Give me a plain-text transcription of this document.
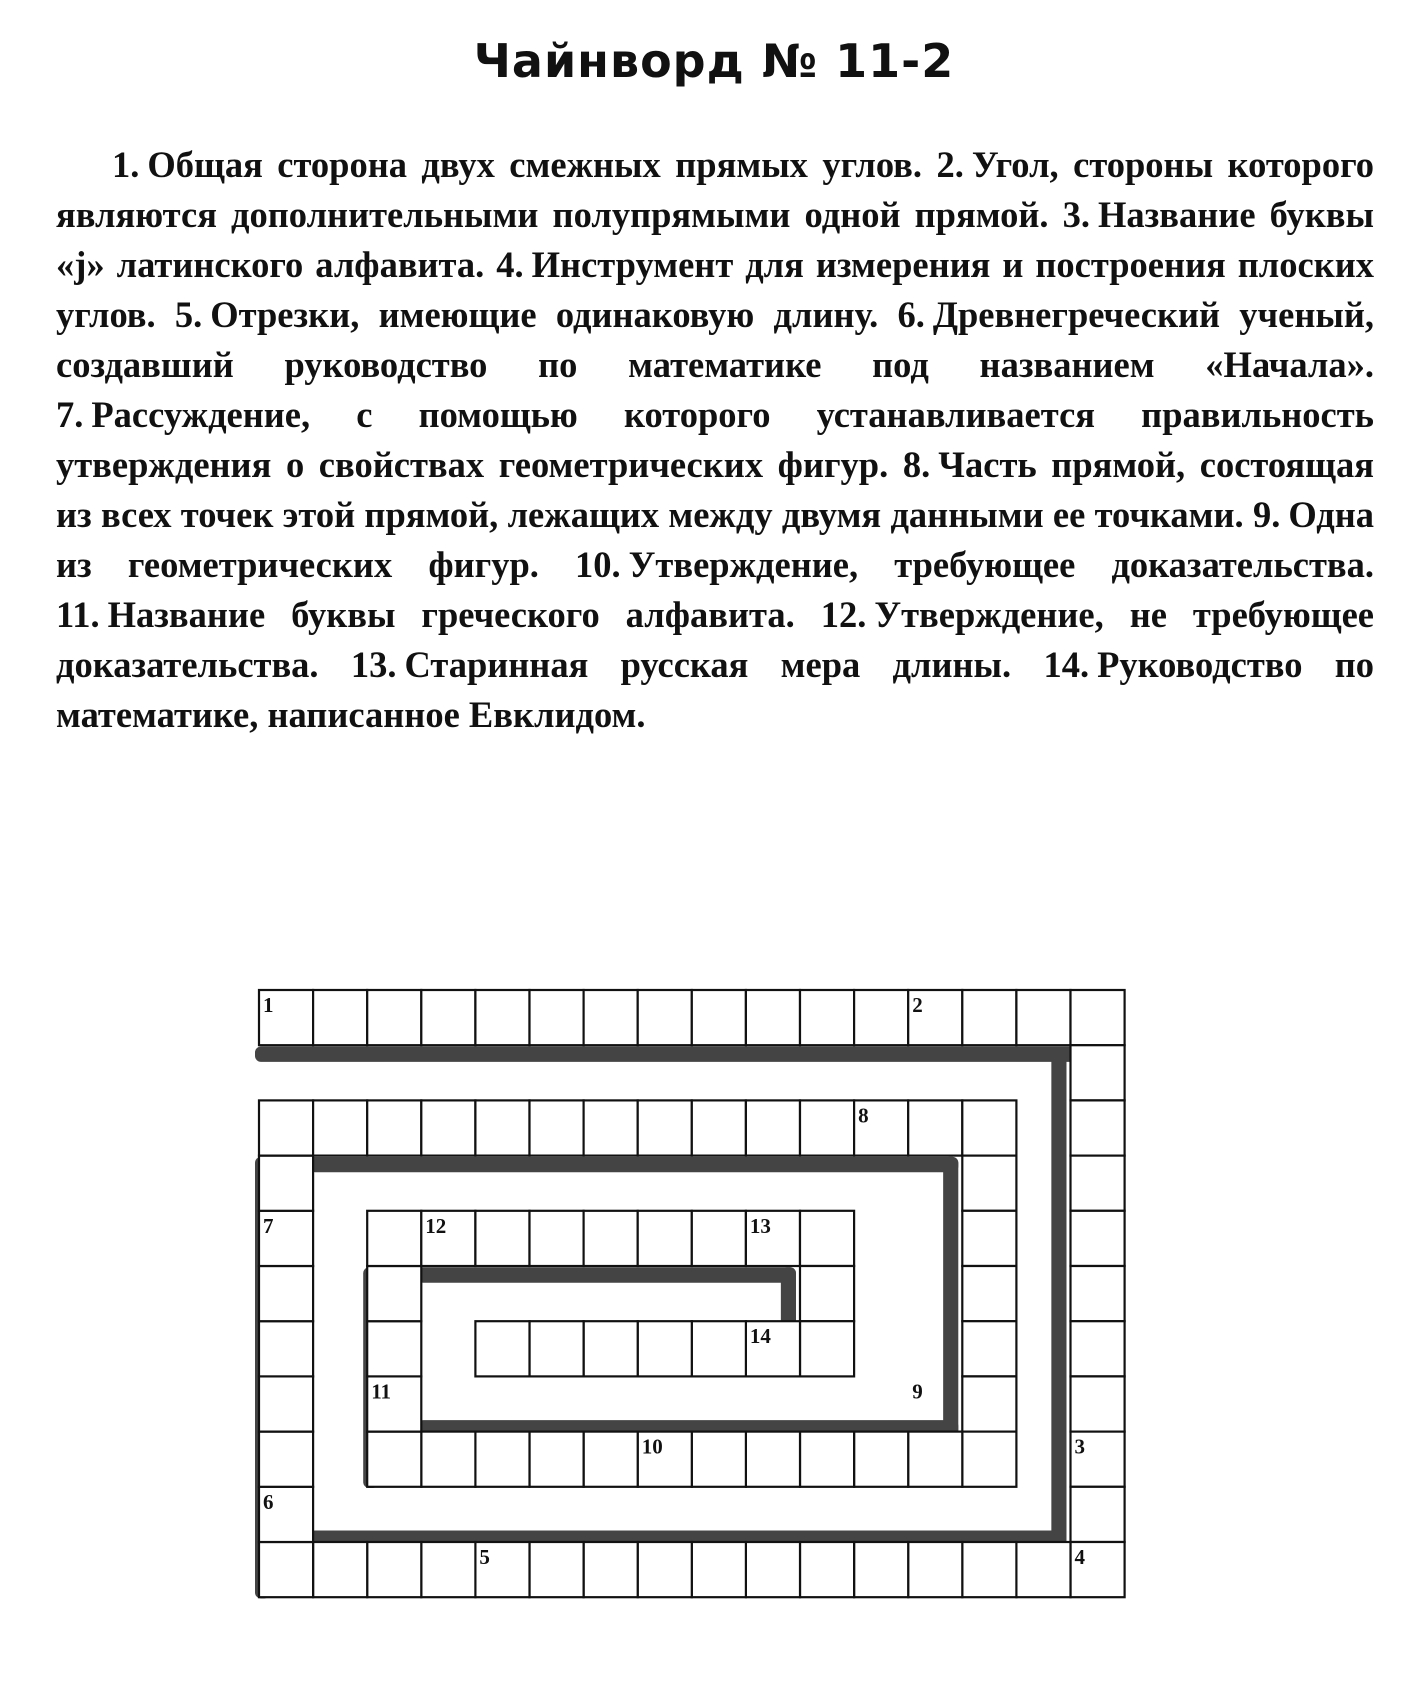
Чайнворд № 11-2

1. Общая сторона двух смежных прямых углов. 2. Угол, стороны которого являются дополнительными полупрямыми одной прямой. 3. Название буквы «j» латинского алфавита. 4. Инструмент для измерения и построения плоских углов. 5. Отрезки, имеющие одинаковую длину. 6. Древнегреческий ученый, создавший руководство по математике под названием «Начала». 7. Рассуждение, с помощью которого устанавливается правильность утверждения о свойствах геометрических фигур. 8. Часть прямой, состоящая из всех точек этой прямой, лежащих между двумя данными ее точками. 9. Одна из геометрических фигур. 10. Утверждение, требующее доказательства. 11. Название буквы греческого алфавита. 12. Утверждение, не требующее доказательства. 13. Старинная русская мера длины. 14. Руководство по математике, написанное Евклидом.

1	2
3
4
5
6
7
8
9
10
11
12	13
14
